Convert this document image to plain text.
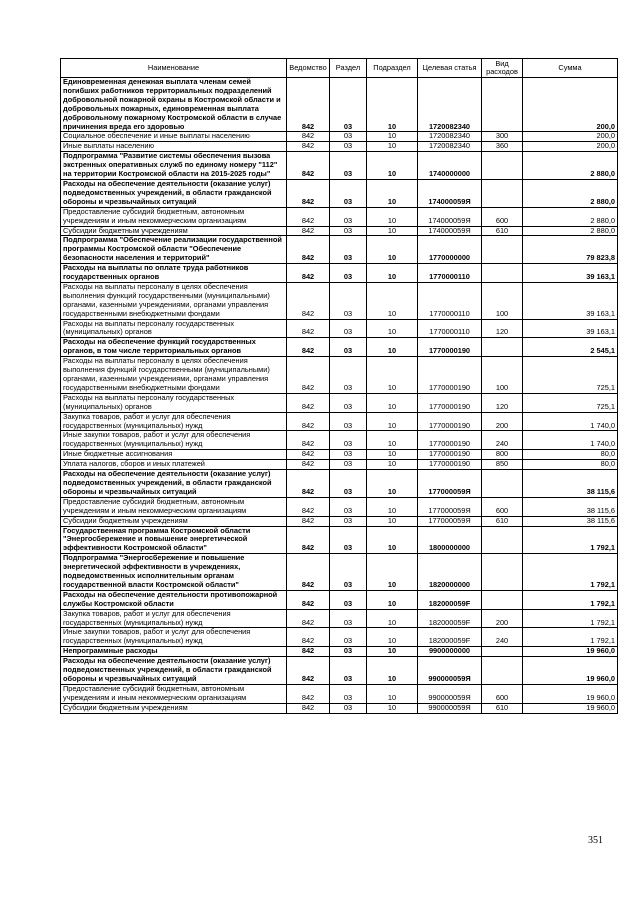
Наименование	Ведомство	Раздел	Подраздел	Целевая статья	Вид расходов	Сумма
Единовременная денежная выплата членам семей погибших работников территориальных подразделений добровольной пожарной охраны в Костромской области и добровольных пожарных, единовременная выплата добровольному пожарному Костромской области в случае причинения вреда его здоровью	842	03	10	1720082340		200,0
Социальное обеспечение и иные выплаты населению	842	03	10	1720082340	300	200,0
Иные выплаты населению	842	03	10	1720082340	360	200,0
Подпрограмма "Развитие системы обеспечения вызова экстренных оперативных служб по единому номеру "112" на территории Костромской области на 2015-2025 годы"	842	03	10	1740000000		2 880,0
Расходы на обеспечение деятельности (оказание услуг) подведомственных учреждений, в области гражданской обороны и чрезвычайных ситуаций	842	03	10	174000059Я		2 880,0
Предоставление субсидий бюджетным, автономным учреждениям и иным некоммерческим организациям	842	03	10	174000059Я	600	2 880,0
Субсидии бюджетным учреждениям	842	03	10	174000059Я	610	2 880,0
Подпрограмма "Обеспечение реализации государственной программы Костромской области "Обеспечение безопасности населения и территорий"	842	03	10	1770000000		79 823,8
Расходы на выплаты по оплате труда работников государственных органов	842	03	10	1770000110		39 163,1
Расходы на выплаты персоналу в целях обеспечения выполнения функций государственными (муниципальными) органами, казенными учреждениями, органами управления государственными внебюджетными фондами	842	03	10	1770000110	100	39 163,1
Расходы на выплаты персоналу государственных (муниципальных) органов	842	03	10	1770000110	120	39 163,1
Расходы на обеспечение функций государственных органов, в том числе территориальных органов	842	03	10	1770000190		2 545,1
Расходы на выплаты персоналу в целях обеспечения выполнения функций государственными (муниципальными) органами, казенными учреждениями, органами управления государственными внебюджетными фондами	842	03	10	1770000190	100	725,1
Расходы на выплаты персоналу государственных (муниципальных) органов	842	03	10	1770000190	120	725,1
Закупка товаров, работ и услуг для обеспечения государственных (муниципальных) нужд	842	03	10	1770000190	200	1 740,0
Иные закупки товаров, работ и услуг для обеспечения государственных (муниципальных) нужд	842	03	10	1770000190	240	1 740,0
Иные бюджетные ассигнования	842	03	10	1770000190	800	80,0
Уплата налогов, сборов и иных платежей	842	03	10	1770000190	850	80,0
Расходы на обеспечение деятельности (оказание услуг) подведомственных учреждений, в области гражданской обороны и чрезвычайных ситуаций	842	03	10	177000059Я		38 115,6
Предоставление субсидий бюджетным, автономным учреждениям и иным некоммерческим организациям	842	03	10	177000059Я	600	38 115,6
Субсидии бюджетным учреждениям	842	03	10	177000059Я	610	38 115,6
Государственная программа Костромской области "Энергосбережение и повышение энергетической эффективности Костромской области"	842	03	10	1800000000		1 792,1
Подпрограмма "Энергосбережение и повышение энергетической эффективности в учреждениях, подведомственных исполнительным органам государственной власти Костромской области"	842	03	10	1820000000		1 792,1
Расходы на обеспечение деятельности противопожарной службы Костромской области	842	03	10	182000059F		1 792,1
Закупка товаров, работ и услуг для обеспечения государственных (муниципальных) нужд	842	03	10	182000059F	200	1 792,1
Иные закупки товаров, работ и услуг для обеспечения государственных (муниципальных) нужд	842	03	10	182000059F	240	1 792,1
Непрограммные расходы	842	03	10	9900000000		19 960,0
Расходы на обеспечение деятельности (оказание услуг) подведомственных учреждений, в области гражданской обороны и чрезвычайных ситуаций	842	03	10	990000059Я		19 960,0
Предоставление субсидий бюджетным, автономным учреждениям и иным некоммерческим организациям	842	03	10	990000059Я	600	19 960,0
Субсидии бюджетным учреждениям	842	03	10	990000059Я	610	19 960,0
351
